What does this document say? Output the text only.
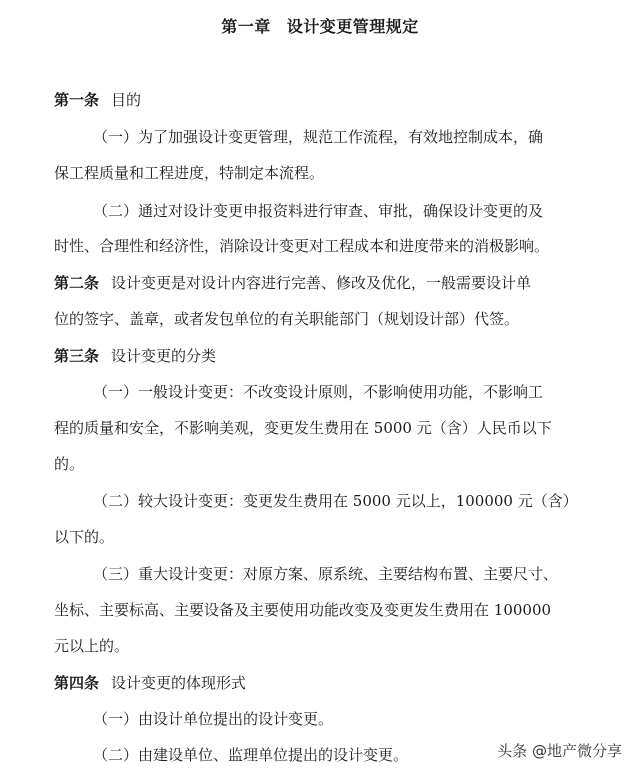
第一章 设计变更管理规定
第一条 目的
（一）为了加强设计变更管理，规范工作流程，有效地控制成本，确
保工程质量和工程进度，特制定本流程。
（二）通过对设计变更申报资料进行审查、审批，确保设计变更的及
时性、合理性和经济性，消除设计变更对工程成本和进度带来的消极影响。
第二条 设计变更是对设计内容进行完善、修改及优化，一般需要设计单
位的签字、盖章，或者发包单位的有关职能部门（规划设计部）代签。
第三条 设计变更的分类
（一）一般设计变更：不改变设计原则，不影响使用功能，不影响工
程的质量和安全，不影响美观，变更发生费用在 5000 元（含）人民币以下
的。
（二）较大设计变更：变更发生费用在 5000 元以上，100000 元（含）
以下的。
（三）重大设计变更：对原方案、原系统、主要结构布置、主要尺寸、
坐标、主要标高、主要设备及主要使用功能改变及变更发生费用在 100000
元以上的。
第四条 设计变更的体现形式
（一）由设计单位提出的设计变更。
（二）由建设单位、监理单位提出的设计变更。	头条 @地产微分享
